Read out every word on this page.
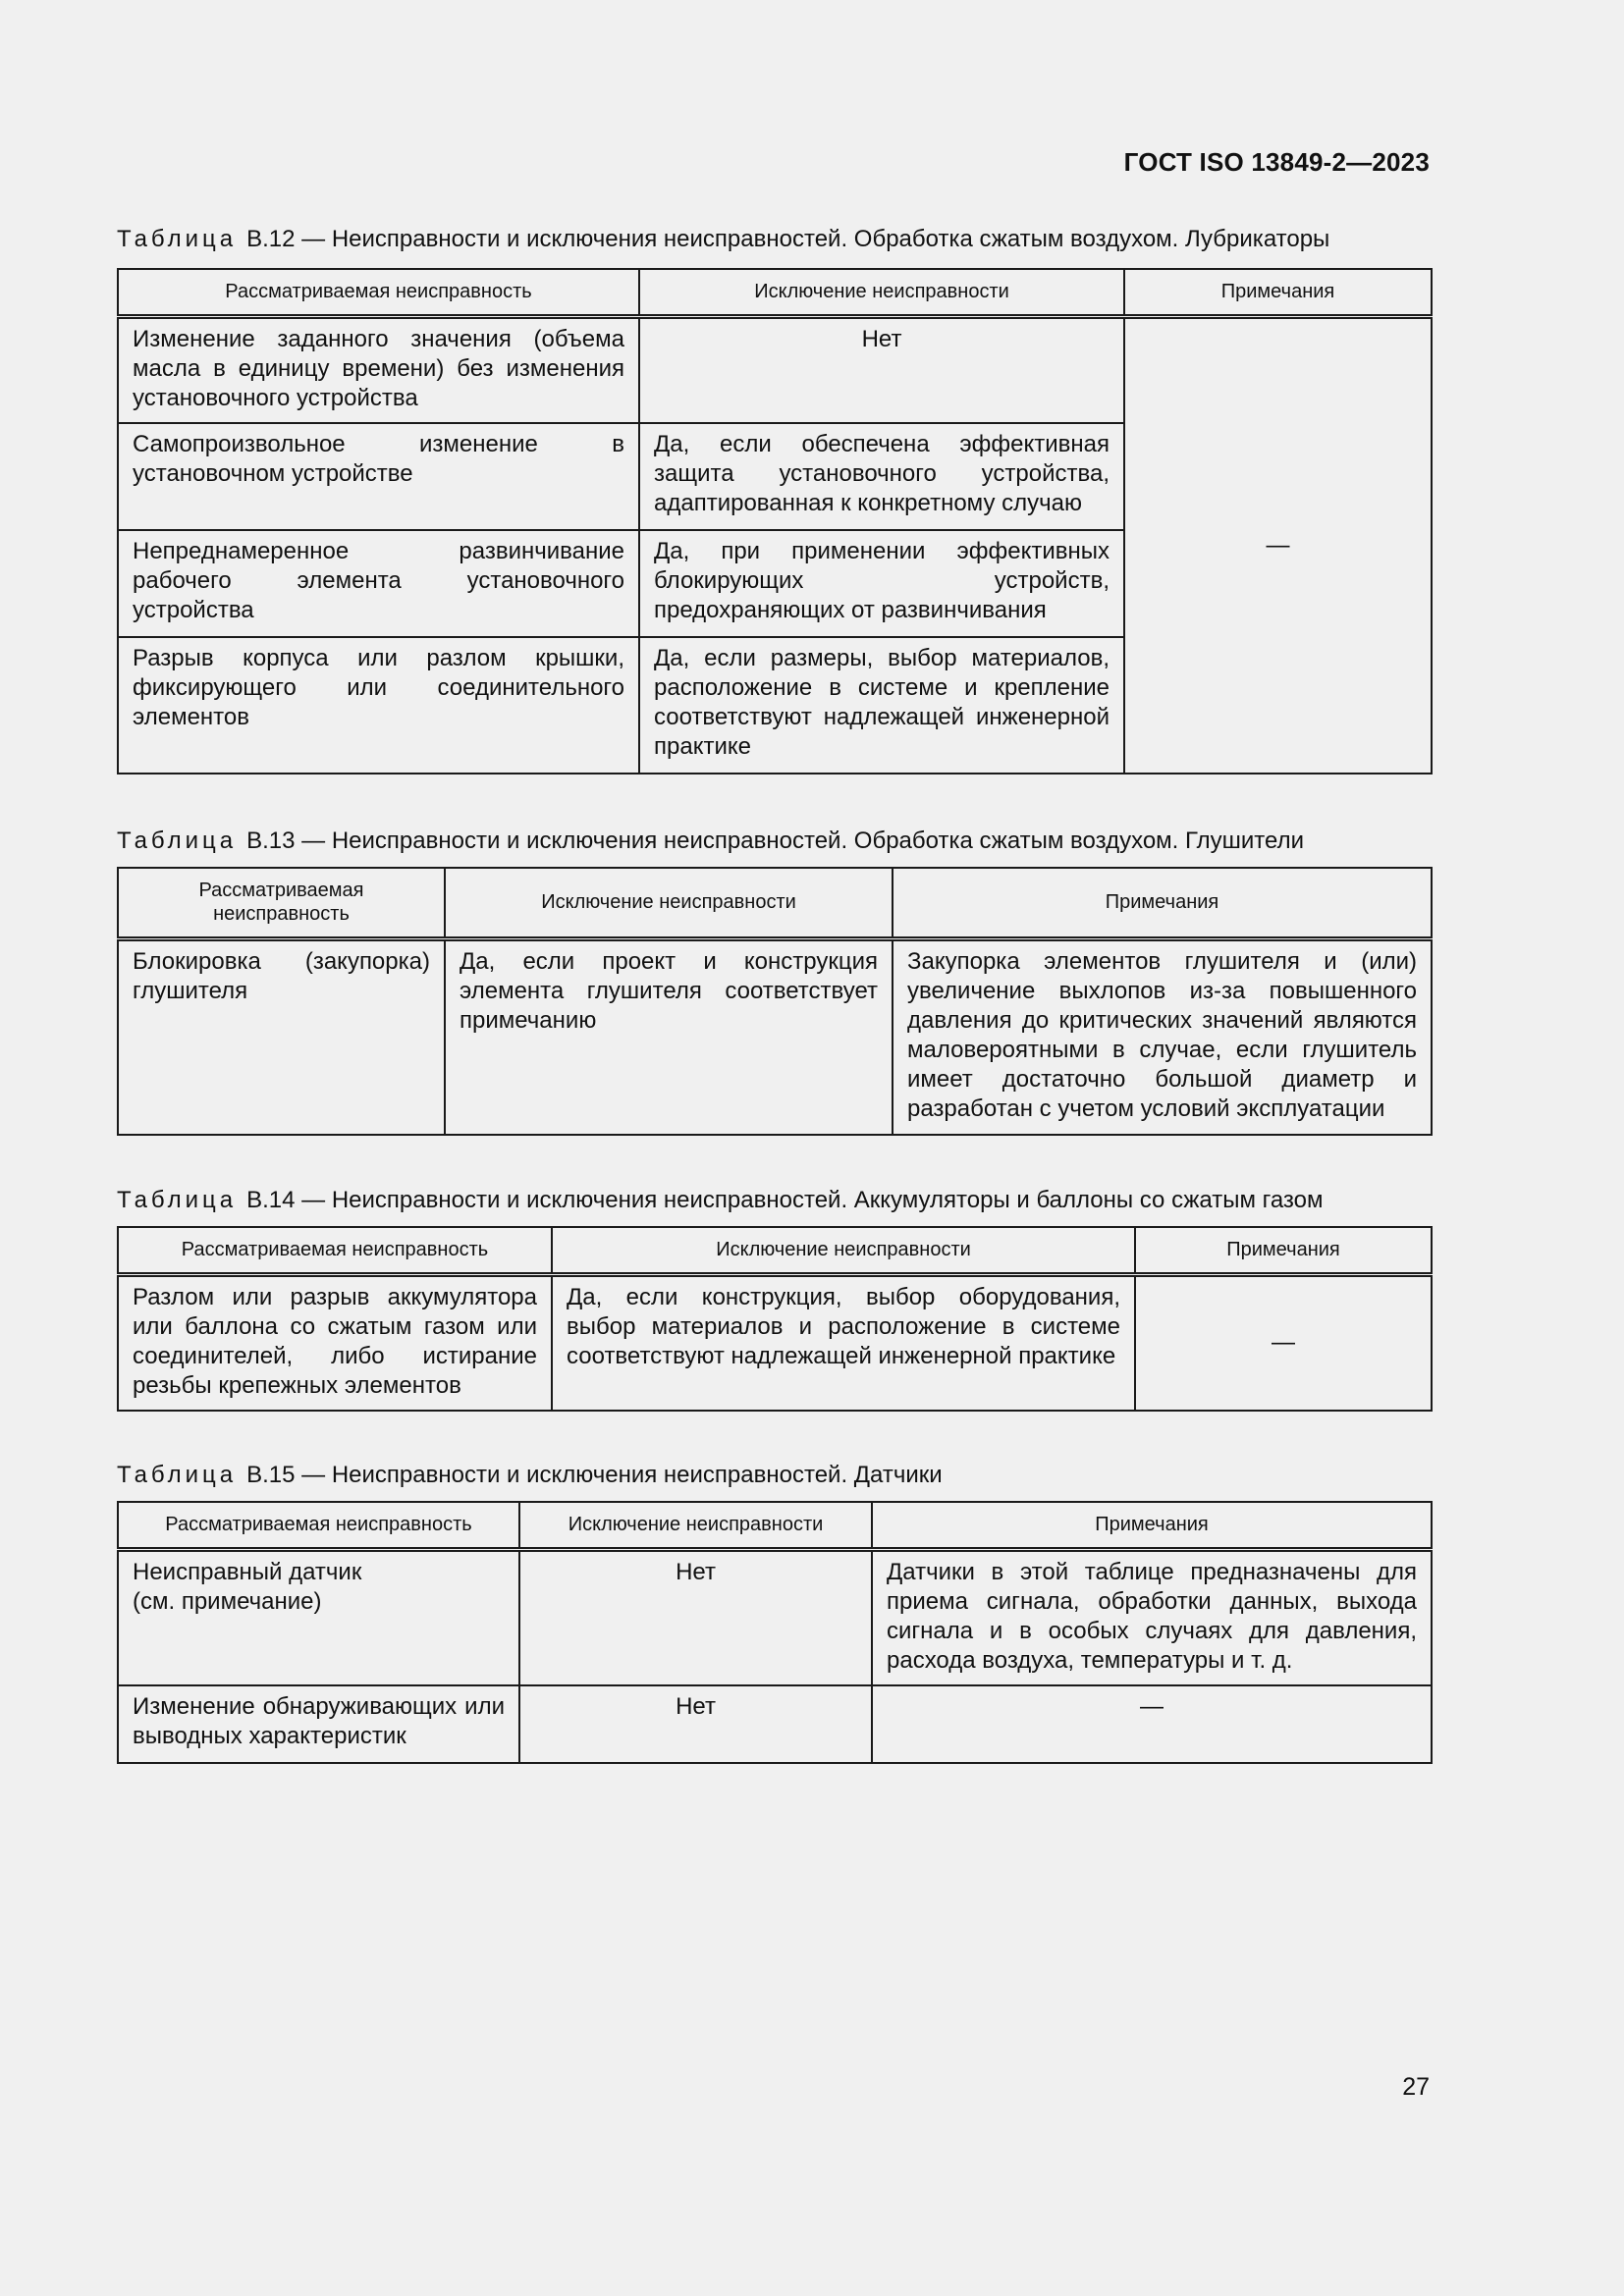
ГОСТ ISO 13849-2—2023
Таблица В.12 — Неисправности и исключения неисправностей. Обработка сжатым воздухом. Лубрикаторы
Рассматриваемая неисправность	Исключение неисправности	Примечания
Изменение заданного значения (объема масла в единицу времени) без изменения установочного устройства	Нет	—
Самопроизвольное изменение в установочном устройстве	Да, если обеспечена эффективная защита установочного устройства, адаптированная к конкретному случаю	
Непреднамеренное развинчивание рабочего элемента установочного устройства	Да, при применении эффективных блокирующих устройств, предохраняющих от развинчивания	
Разрыв корпуса или разлом крышки, фиксирующего или соединительного элементов	Да, если размеры, выбор материалов, расположение в системе и крепление соответствуют надлежащей инженерной практике	
Таблица В.13 — Неисправности и исключения неисправностей. Обработка сжатым воздухом. Глушители
Рассматриваемая неисправность	Исключение неисправности	Примечания
Блокировка (закупорка) глушителя	Да, если проект и конструкция элемента глушителя соответствует примечанию	Закупорка элементов глушителя и (или) увеличение выхлопов из-за повышенного давления до критических значений являются маловероятными в случае, если глушитель имеет достаточно большой диаметр и разработан с учетом условий эксплуатации
Таблица В.14 — Неисправности и исключения неисправностей. Аккумуляторы и баллоны со сжатым газом
Рассматриваемая неисправность	Исключение неисправности	Примечания
Разлом или разрыв аккумулятора или баллона со сжатым газом или соединителей, либо истирание резьбы крепежных элементов	Да, если конструкция, выбор оборудования, выбор материалов и расположение в системе соответствуют надлежащей инженерной практике	—
Таблица В.15 — Неисправности и исключения неисправностей. Датчики
Рассматриваемая неисправность	Исключение неисправности	Примечания
Неисправный датчик
(см. примечание)	Нет	Датчики в этой таблице предназначены для приема сигнала, обработки данных, выхода сигнала и в особых случаях для давления, расхода воздуха, температуры и т. д.
Изменение обнаруживающих или выводных характеристик	Нет	—
27
